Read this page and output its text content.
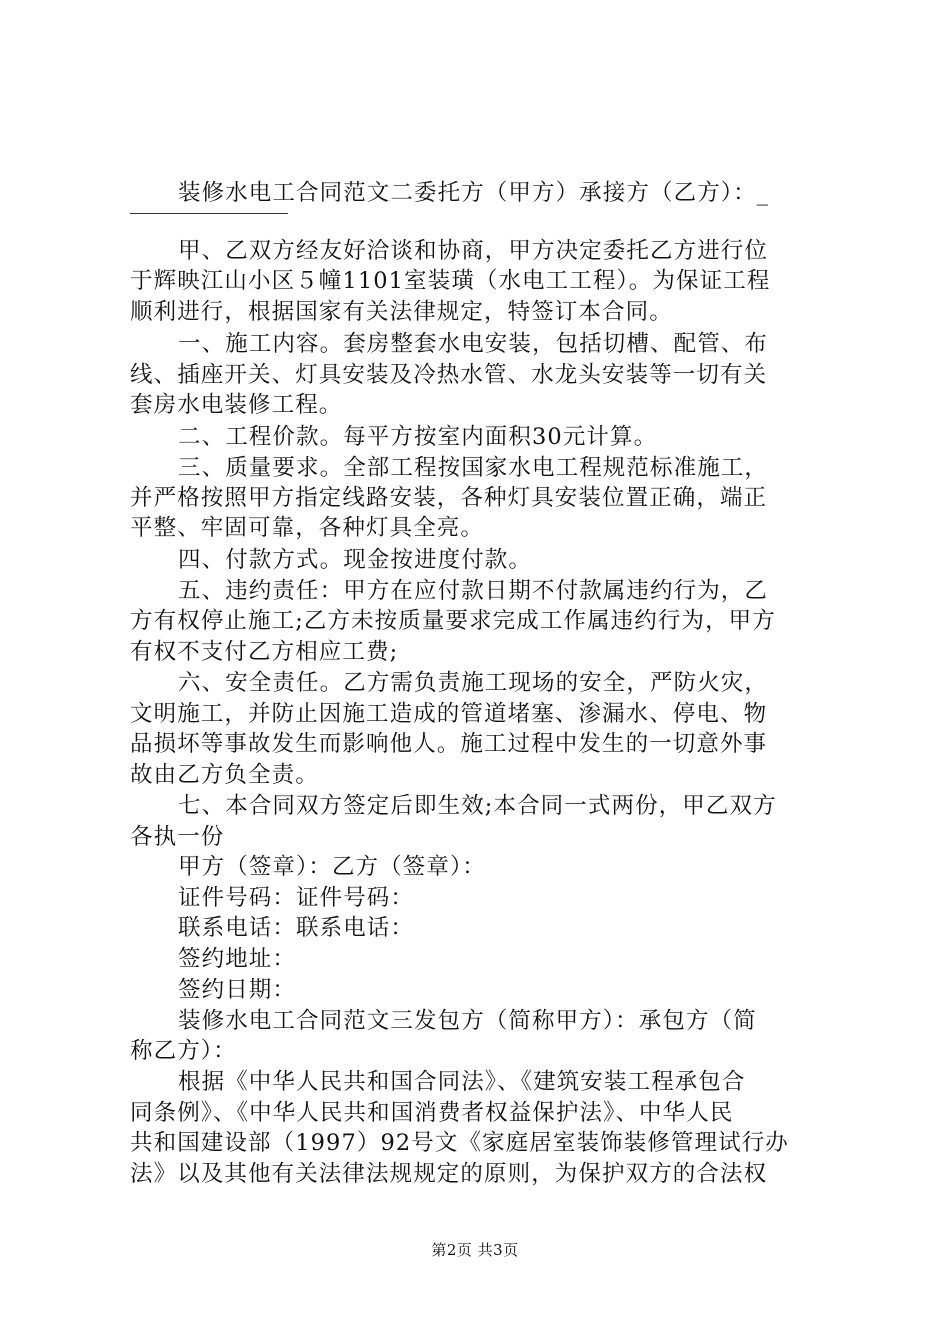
装修水电工合同范文二委托方（甲方）承接方（乙方）：_
甲、乙双方经友好洽谈和协商，甲方决定委托乙方进行位
于辉映江山小区５幢1101室装璜（水电工工程）。为保证工程
顺利进行，根据国家有关法律规定，特签订本合同。
一、施工内容。套房整套水电安装，包括切槽、配管、布
线、插座开关、灯具安装及冷热水管、水龙头安装等一切有关
套房水电装修工程。
二、工程价款。每平方按室内面积30元计算。
三、质量要求。全部工程按国家水电工程规范标准施工，
并严格按照甲方指定线路安装，各种灯具安装位置正确，端正
平整、牢固可靠，各种灯具全亮。
四、付款方式。现金按进度付款。
五、违约责任：甲方在应付款日期不付款属违约行为，乙
方有权停止施工;乙方未按质量要求完成工作属违约行为，甲方
有权不支付乙方相应工费;
六、安全责任。乙方需负责施工现场的安全，严防火灾，
文明施工，并防止因施工造成的管道堵塞、渗漏水、停电、物
品损坏等事故发生而影响他人。施工过程中发生的一切意外事
故由乙方负全责。
七、本合同双方签定后即生效;本合同一式两份，甲乙双方
各执一份
甲方（签章）：乙方（签章）：
证件号码：证件号码：
联系电话：联系电话：
签约地址：
签约日期：
装修水电工合同范文三发包方（简称甲方）：承包方（简
称乙方）：
根据《中华人民共和国合同法》、《建筑安装工程承包合
同条例》、《中华人民共和国消费者权益保护法》、中华人民
共和国建设部（1997）92号文《家庭居室装饰装修管理试行办
法》以及其他有关法律法规规定的原则，为保护双方的合法权
第2页 共3页
